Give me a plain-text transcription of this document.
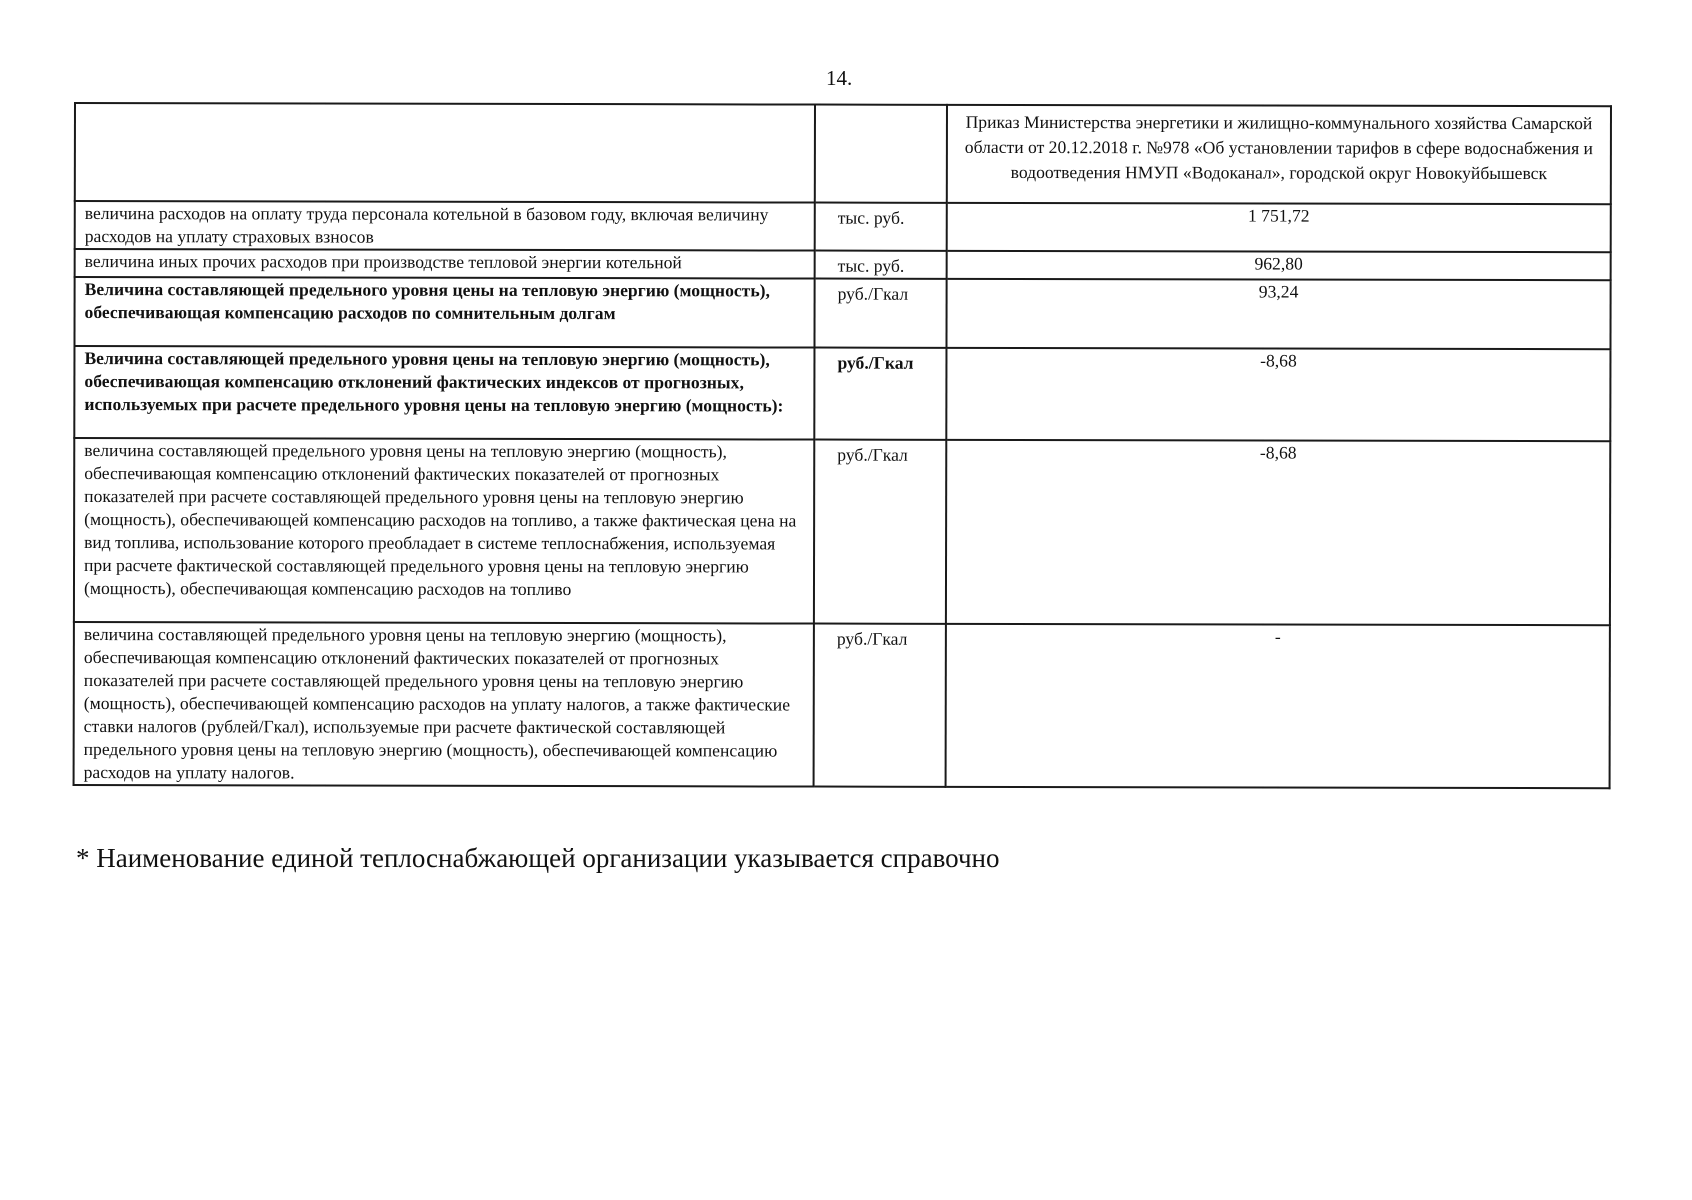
14.
		Приказ Министерства энергетики и жилищно-коммунального хозяйства Самарской области от 20.12.2018 г. №978 «Об установлении тарифов в сфере водоснабжения и водоотведения НМУП «Водоканал», городской округ Новокуйбышевск
величина расходов на оплату труда персонала котельной в базовом году, включая величину расходов на уплату страховых взносов	тыс. руб.	1 751,72
величина иных прочих расходов при производстве тепловой энергии котельной	тыс. руб.	962,80
Величина составляющей предельного уровня цены на тепловую энергию (мощность), обеспечивающая компенсацию расходов по сомнительным долгам	руб./Гкал	93,24
Величина составляющей предельного уровня цены на тепловую энергию (мощность), обеспечивающая компенсацию отклонений фактических индексов от прогнозных, используемых при расчете предельного уровня цены на тепловую энергию (мощность):	руб./Гкал	-8,68
величина составляющей предельного уровня цены на тепловую энергию (мощность), обеспечивающая компенсацию отклонений фактических показателей от прогнозных показателей при расчете составляющей предельного уровня цены на тепловую энергию (мощность), обеспечивающей компенсацию расходов на топливо, а также фактическая цена на вид топлива, использование которого преобладает в системе теплоснабжения, используемая при расчете фактической составляющей предельного уровня цены на тепловую энергию (мощность), обеспечивающая компенсацию расходов на топливо	руб./Гкал	-8,68
величина составляющей предельного уровня цены на тепловую энергию (мощность), обеспечивающая компенсацию отклонений фактических показателей от прогнозных показателей при расчете составляющей предельного уровня цены на тепловую энергию (мощность), обеспечивающей компенсацию расходов на уплату налогов, а также фактические ставки налогов (рублей/Гкал), используемые при расчете фактической составляющей предельного уровня цены на тепловую энергию (мощность), обеспечивающей компенсацию расходов на уплату налогов.	руб./Гкал	-
* Наименование единой теплоснабжающей организации указывается справочно
